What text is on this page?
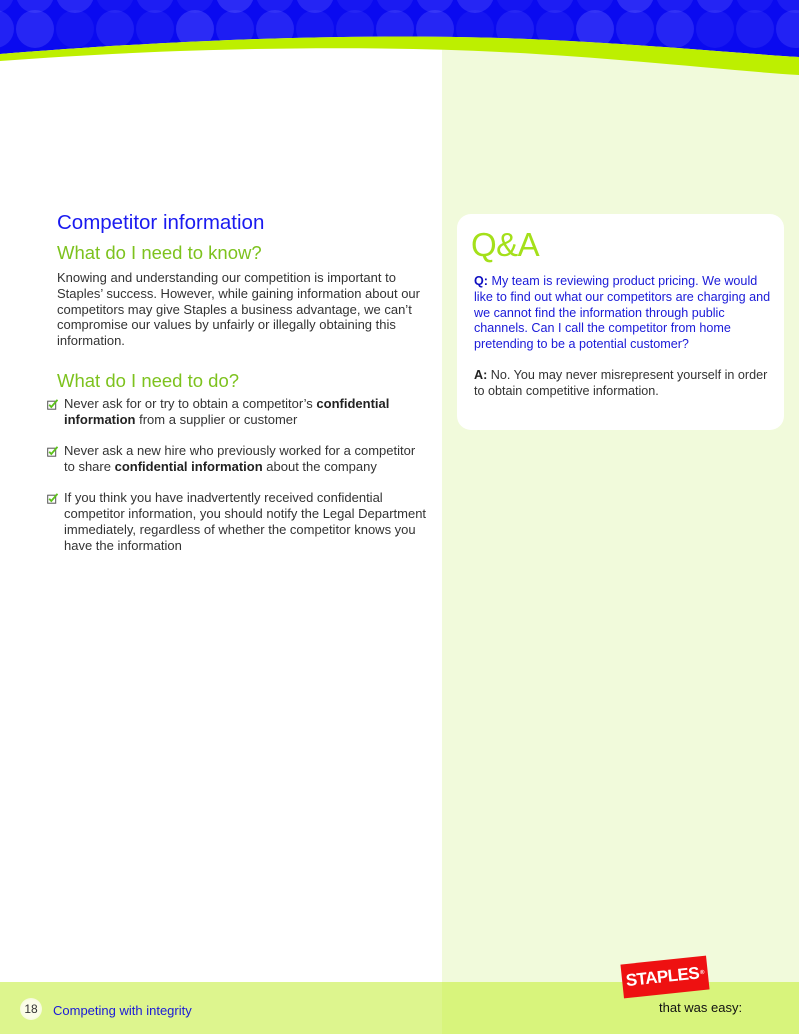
Competitor information
What do I need to know?

Knowing and understanding our competition is important to Staples’ success. However, while gaining information about our competitors may give Staples a business advantage, we can’t compromise our values by unfairly or illegally obtaining this information.

What do I need to do?
Never ask for or try to obtain a competitor’s confidential information from a supplier or customer
Never ask a new hire who previously worked for a competitor to share confidential information about the company
If you think you have inadvertently received confidential competitor information, you should notify the Legal Department immediately, regardless of whether the competitor knows you have the information
Q&A

Q: My team is reviewing product pricing. We would like to find out what our competitors are charging and we cannot find the information through public channels. Can I call the competitor from home pretending to be a potential customer?

A: No. You may never misrepresent yourself in order to obtain competitive information.

18	Competing with integrity
STAPLES®
that was easy:
